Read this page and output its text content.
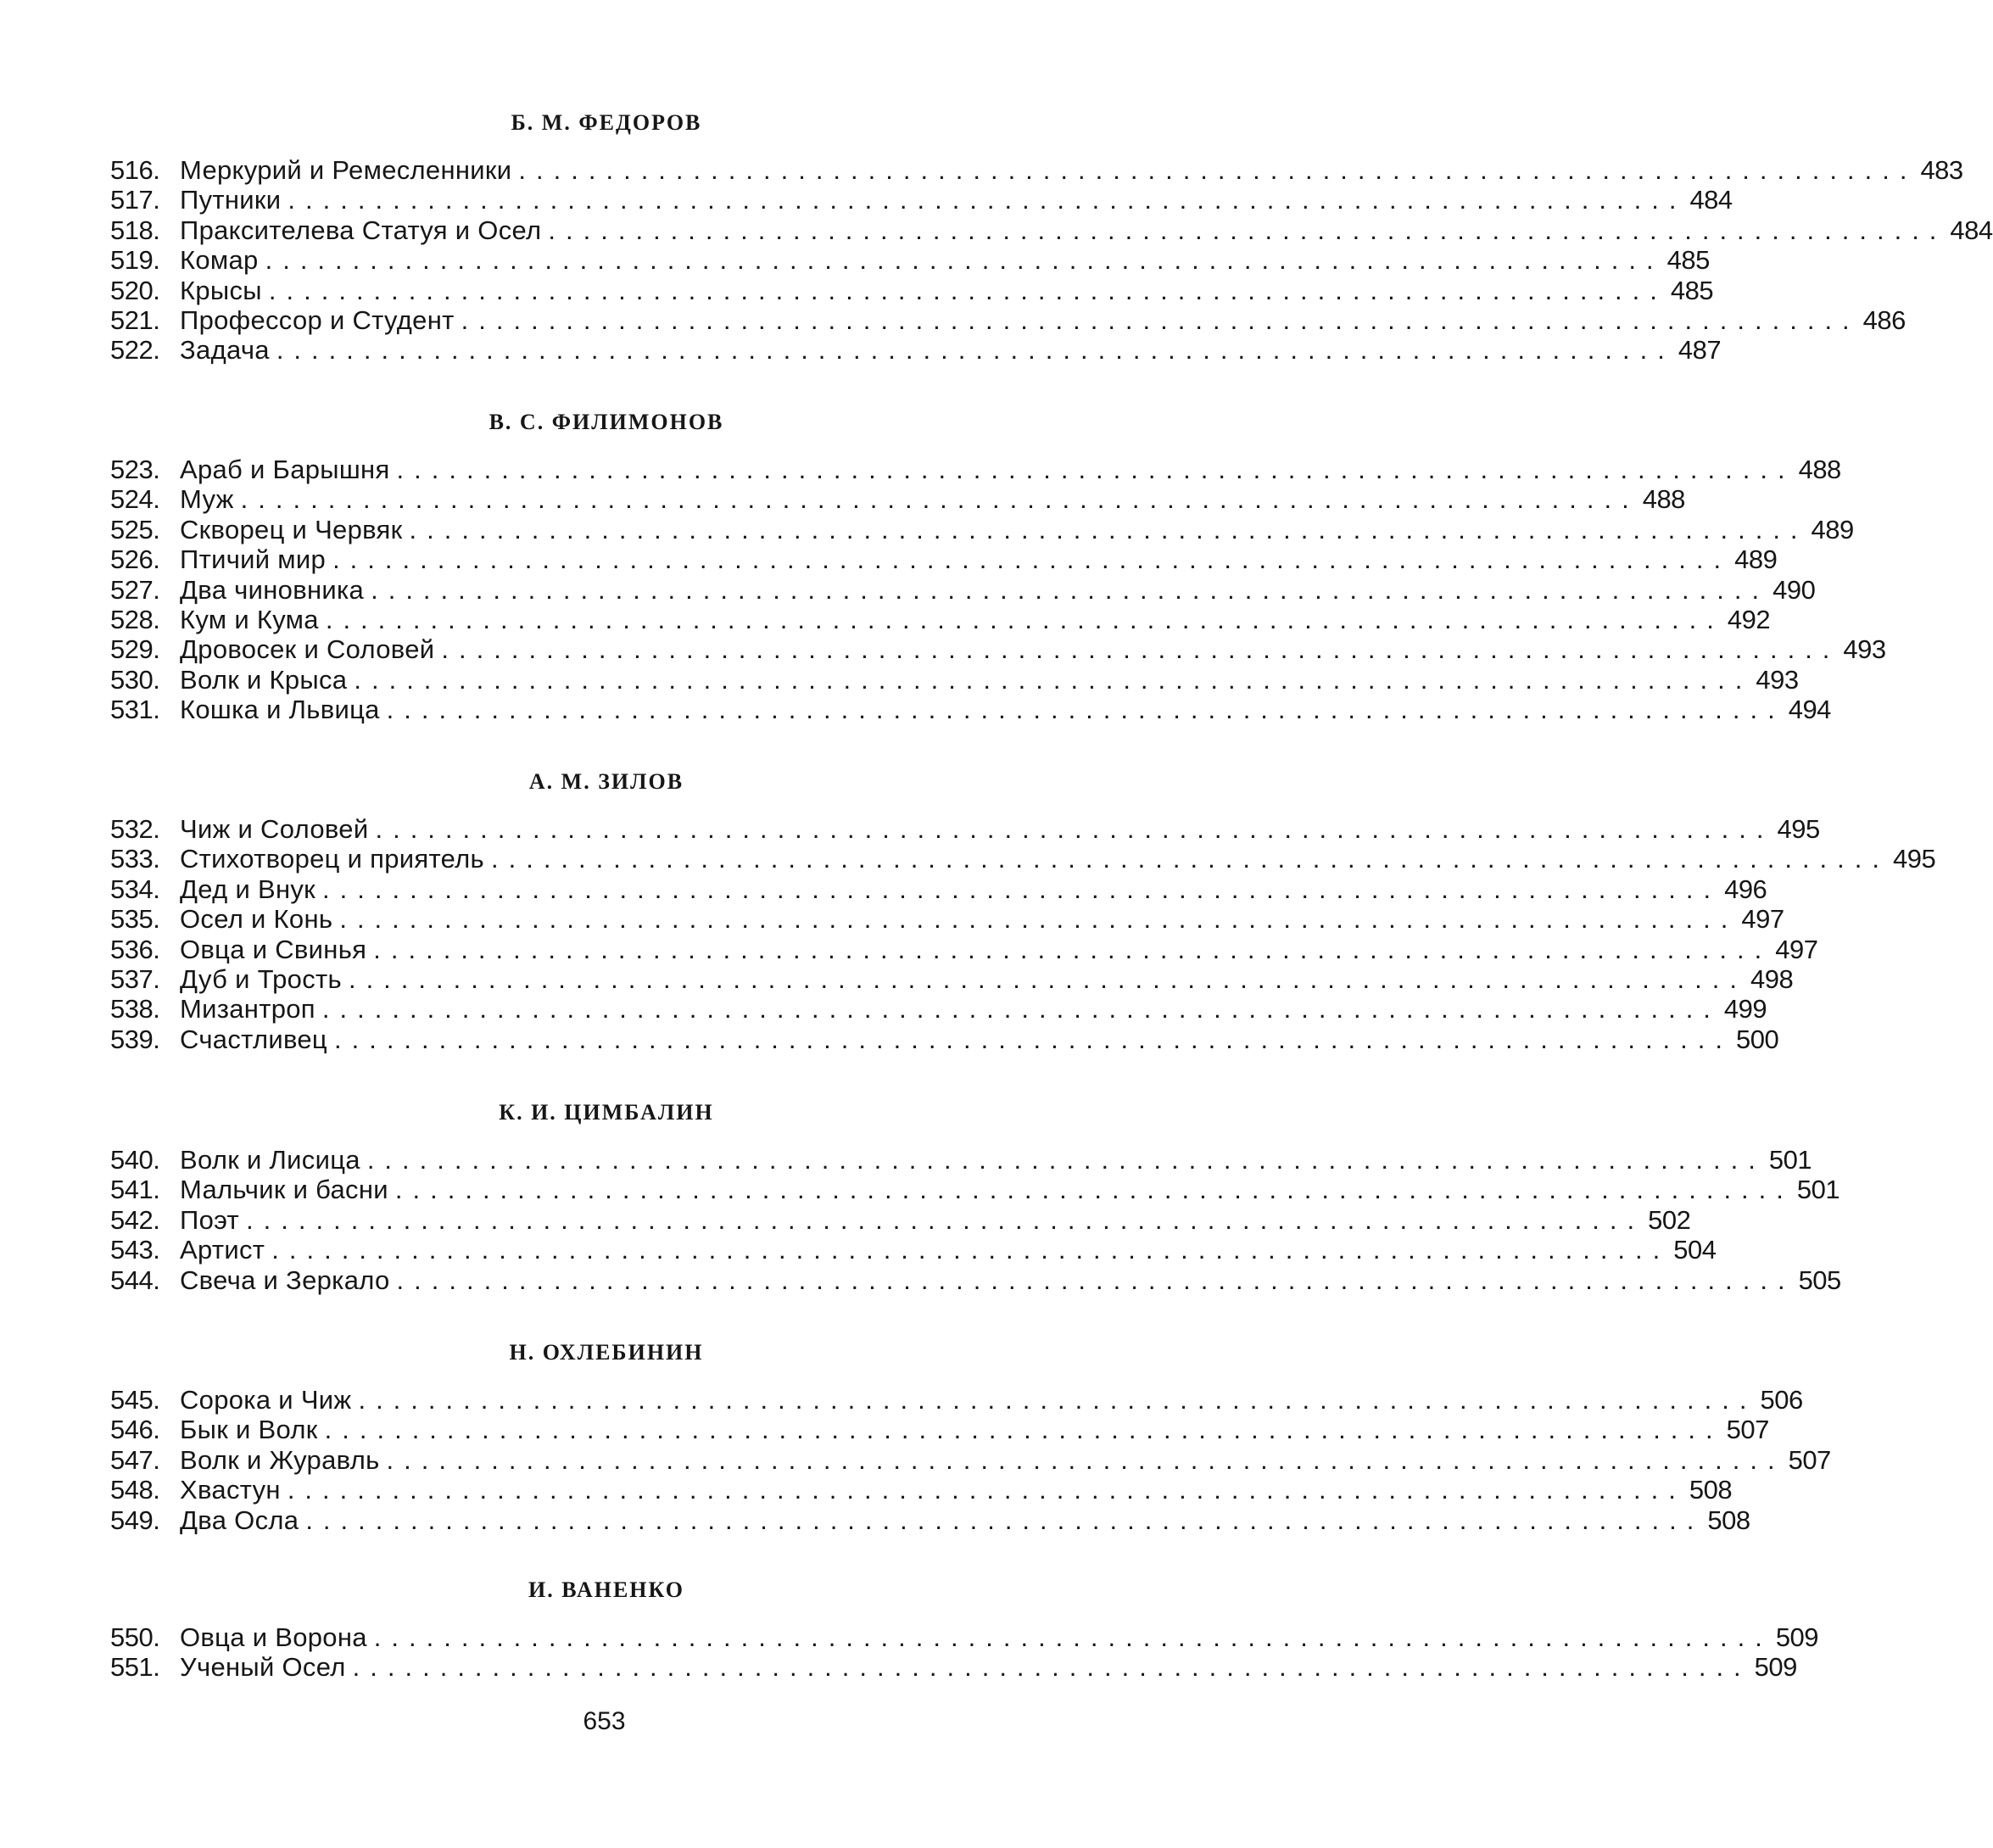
Б. М. ФЕДОРОВ
516. Меркурий и Ремесленники ................................................................................ 483
517. Путники ................................................................................ 484
518. Праксителева Статуя и Осел ................................................................................ 484
519. Комар ................................................................................ 485
520. Крысы ................................................................................ 485
521. Профессор и Студент ................................................................................ 486
522. Задача ................................................................................ 487
В. С. ФИЛИМОНОВ
523. Араб и Барышня ................................................................................ 488
524. Муж ................................................................................ 488
525. Скворец и Червяк ................................................................................ 489
526. Птичий мир ................................................................................ 489
527. Два чиновника ................................................................................ 490
528. Кум и Кума ................................................................................ 492
529. Дровосек и Соловей ................................................................................ 493
530. Волк и Крыса ................................................................................ 493
531. Кошка и Львица ................................................................................ 494
А. М. ЗИЛОВ
532. Чиж и Соловей ................................................................................ 495
533. Стихотворец и приятель ................................................................................ 495
534. Дед и Внук ................................................................................ 496
535. Осел и Конь ................................................................................ 497
536. Овца и Свинья ................................................................................ 497
537. Дуб и Трость ................................................................................ 498
538. Мизантроп ................................................................................ 499
539. Счастливец ................................................................................ 500
К. И. ЦИМБАЛИН
540. Волк и Лисица ................................................................................ 501
541. Мальчик и басни ................................................................................ 501
542. Поэт ................................................................................ 502
543. Артист ................................................................................ 504
544. Свеча и Зеркало ................................................................................ 505
Н. ОХЛЕБИНИН
545. Сорока и Чиж ................................................................................ 506
546. Бык и Волк ................................................................................ 507
547. Волк и Журавль ................................................................................ 507
548. Хвастун ................................................................................ 508
549. Два Осла ................................................................................ 508
И. ВАНЕНКО
550. Овца и Ворона ................................................................................ 509
551. Ученый Осел ................................................................................ 509
653
